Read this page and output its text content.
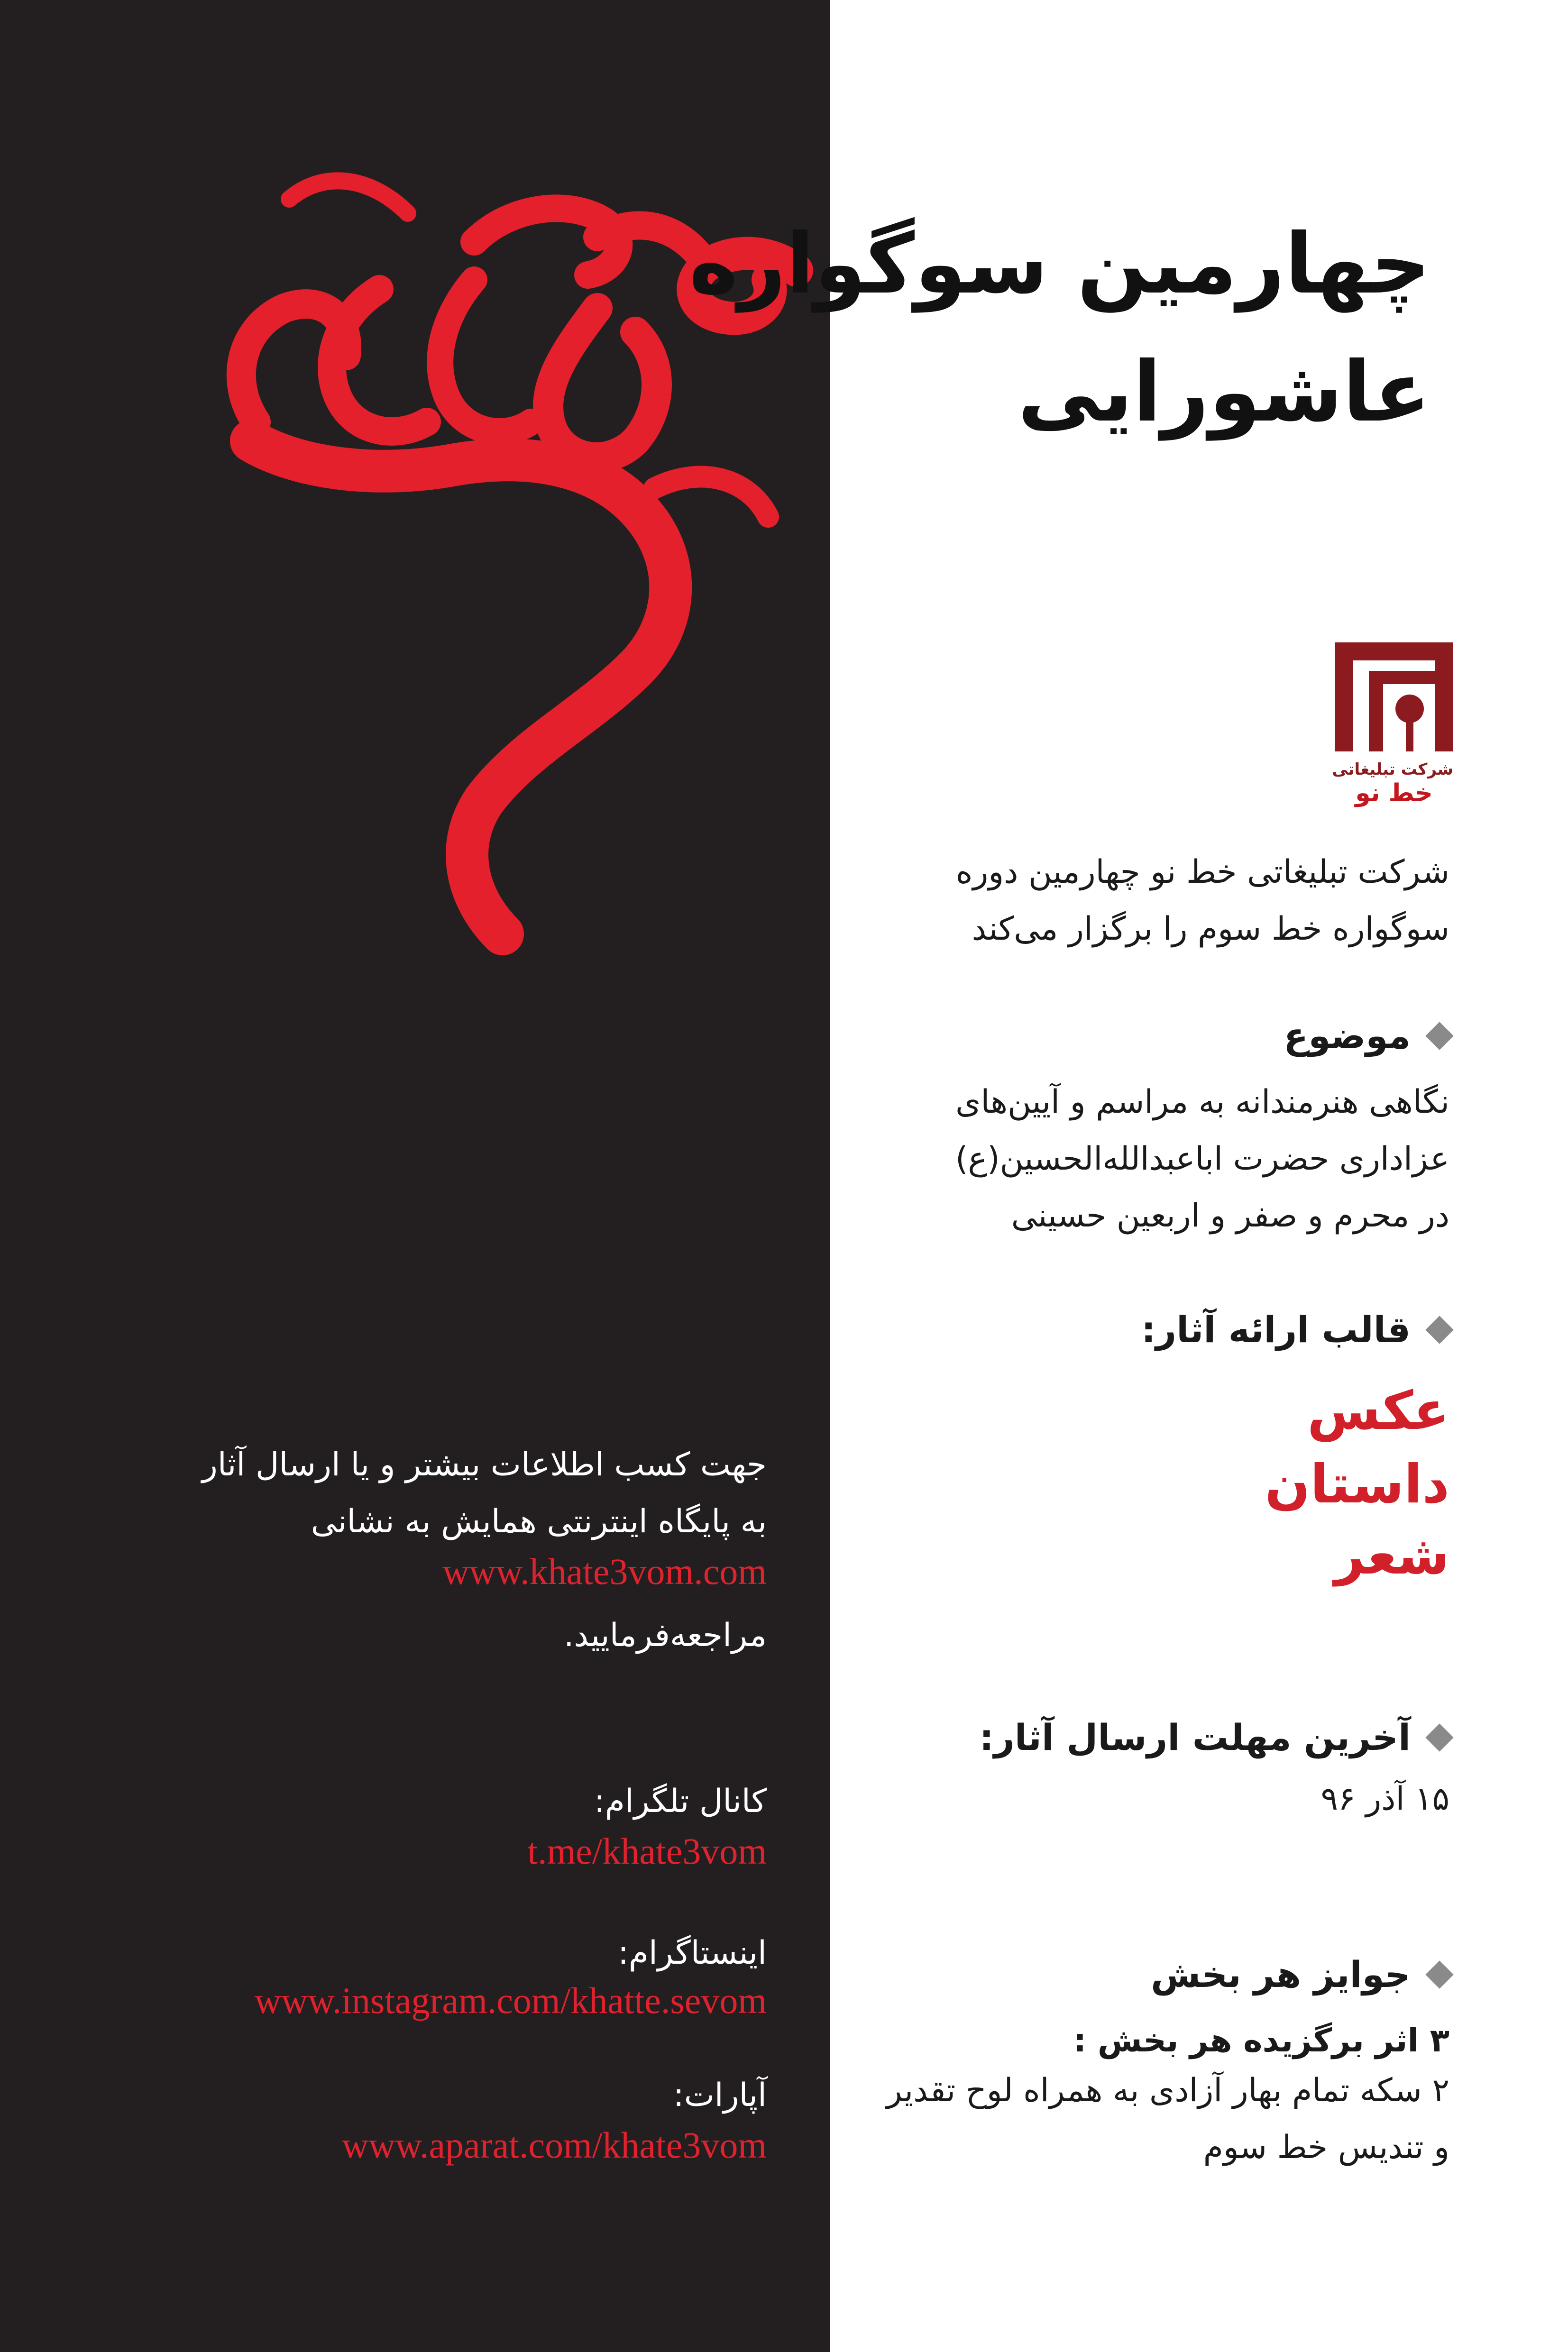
چهارمین سوگواره
عاشورایی
شرکت تبلیغاتی
خط نو
شرکت تبلیغاتی خط نو چهارمین دوره
سوگواره خط سوم را برگزار می‌کند
موضوع
نگاهی هنرمندانه به مراسم و آیین‌های
عزاداری حضرت اباعبدالله‌الحسین(ع)
در محرم و صفر و اربعین حسینی
قالب ارائه آثار:
عکس
داستان
شعر
آخرین مهلت ارسال آثار:
۱۵ آذر ۹۶
جوایز هر بخش
۳ اثر برگزیده هر بخش :
۲ سکه تمام بهار آزادی به همراه لوح تقدیر
و تندیس خط سوم
جهت کسب اطلاعات بیشتر و یا ارسال آثار
به پایگاه اینترنتی همایش به نشانی
www.khate3vom.com
مراجعه‌فرمایید.
کانال تلگرام:
t.me/khate3vom
اینستاگرام:
www.instagram.com/khatte.sevom
آپارات:
www.aparat.com/khate3vom
